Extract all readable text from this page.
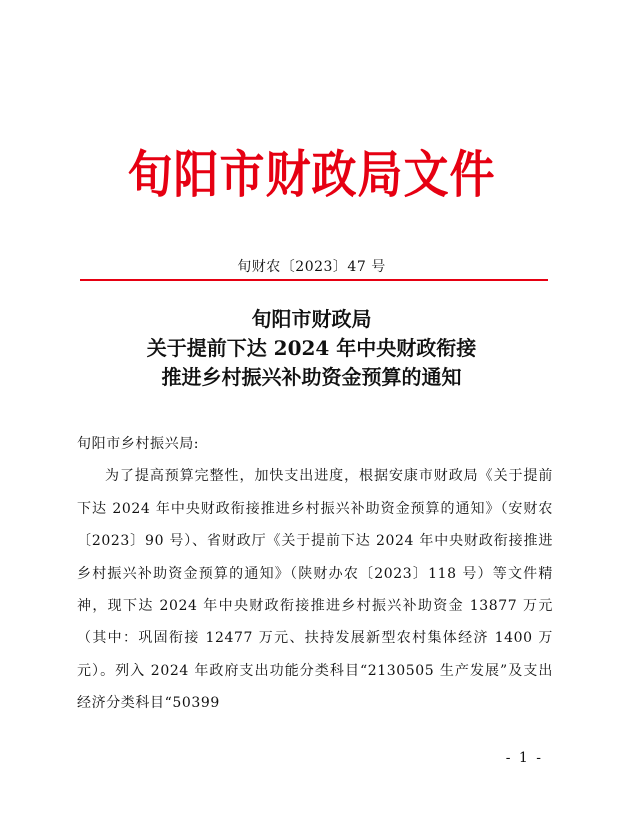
旬阳市财政局文件
旬财农〔2023〕47 号
旬阳市财政局
关于提前下达 2024 年中央财政衔接
推进乡村振兴补助资金预算的通知
旬阳市乡村振兴局:
为了提高预算完整性，加快支出进度，根据安康市财政局《关于提前下达 2024 年中央财政衔接推进乡村振兴补助资金预算的通知》（安财农〔2023〕90 号）、省财政厅《关于提前下达 2024 年中央财政衔接推进乡村振兴补助资金预算的通知》（陕财办农〔2023〕118 号）等文件精神，现下达 2024 年中央财政衔接推进乡村振兴补助资金 13877 万元（其中：巩固衔接 12477 万元、扶持发展新型农村集体经济 1400 万元）。列入 2024 年政府支出功能分类科目“2130505 生产发展”及支出经济分类科目“50399
- 1 -
